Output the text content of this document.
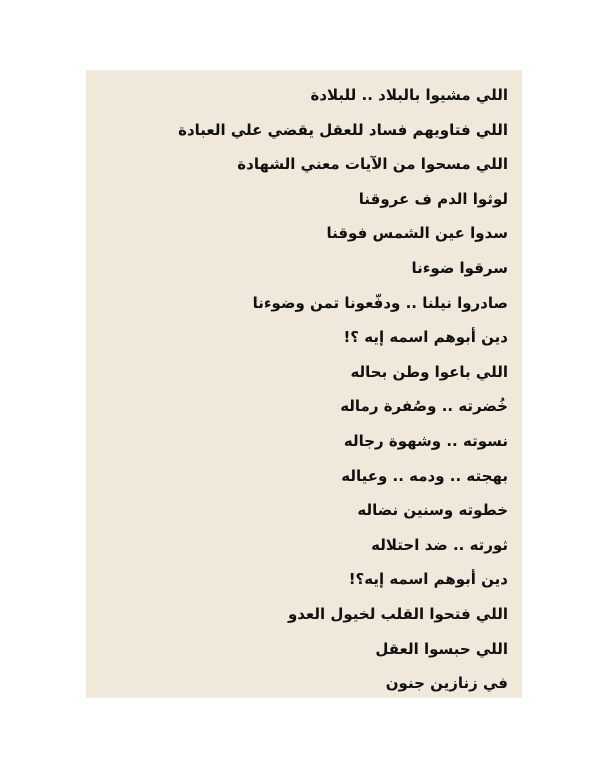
اللي مشيوا بالبلاد .. للبلادة
اللي فتاويهم فساد للعقل يقضي علي العبادة
اللي مسحوا من الآيات معني الشهادة
لوثوا الدم ف عروقنا
سدوا عين الشمس فوقنا
سرقوا ضوءنا
صادروا نيلنا .. ودفّعونا تمن وضوءنا
دين أبوهم اسمه إيه ؟!
اللي باعوا وطن بحاله
خُضرته .. وصُفرة رماله
نسوته .. وشهوة رجاله
بهجته .. ودمه .. وعياله
خطوته وسنين نضاله
ثورته .. ضد احتلاله
دين أبوهم اسمه إيه؟!
اللي فتحوا القلب لخيول العدو
اللي حبسوا العقل
في زنازين جنون
